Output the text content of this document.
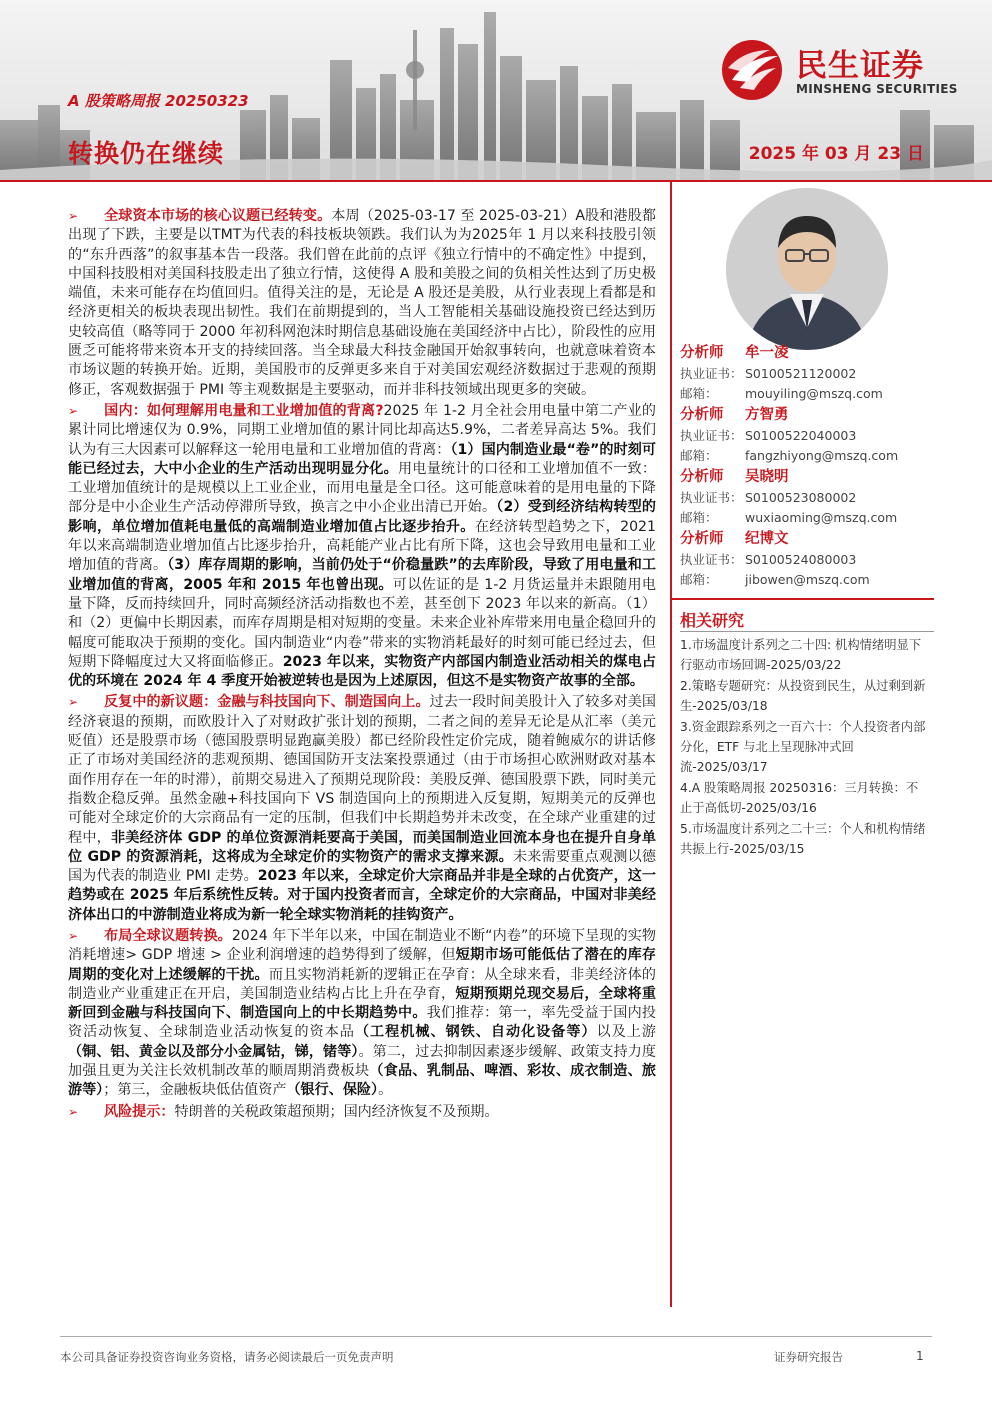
民生证券
MINSHENG SECURITIES
A 股策略周报 20250323
转换仍在继续	2025 年 03 月 23 日
➢ 全球资本市场的核心议题已经转变。本周（2025-03-17 至 2025-03-21）A股和港股都出现了下跌，主要是以TMT为代表的科技板块领跌。我们认为为2025年 1 月以来科技股引领的“东升西落”的叙事基本告一段落。我们曾在此前的点评《独立行情中的不确定性》中提到，中国科技股相对美国科技股走出了独立行情，这使得 A 股和美股之间的负相关性达到了历史极端值，未来可能存在均值回归。值得关注的是，无论是 A 股还是美股，从行业表现上看都是和经济更相关的板块表现出韧性。我们在前期提到的，当人工智能相关基础设施投资已经达到历史较高值（略等同于 2000 年初科网泡沫时期信息基础设施在美国经济中占比），阶段性的应用匮乏可能将带来资本开支的持续回落。当全球最大科技金融国开始叙事转向，也就意味着资本市场议题的转换开始。近期，美国股市的反弹更多来自于对美国宏观经济数据过于悲观的预期修正，客观数据强于 PMI 等主观数据是主要驱动，而并非科技领域出现更多的突破。
➢ 国内：如何理解用电量和工业增加值的背离?2025 年 1-2 月全社会用电量中第二产业的累计同比增速仅为 0.9%，同期工业增加值的累计同比却高达5.9%，二者差异高达 5%。我们认为有三大因素可以解释这一轮用电量和工业增加值的背离：（1）国内制造业最“卷”的时刻可能已经过去，大中小企业的生产活动出现明显分化。用电量统计的口径和工业增加值不一致：工业增加值统计的是规模以上工业企业，而用电量是全口径。这可能意味着的是用电量的下降部分是中小企业生产活动停滞所导致，换言之中小企业出清已开始。（2）受到经济结构转型的影响，单位增加值耗电量低的高端制造业增加值占比逐步抬升。在经济转型趋势之下，2021 年以来高端制造业增加值占比逐步抬升，高耗能产业占比有所下降，这也会导致用电量和工业增加值的背离。（3）库存周期的影响，当前仍处于“价稳量跌”的去库阶段，导致了用电量和工业增加值的背离，2005 年和 2015 年也曾出现。可以佐证的是 1-2 月货运量并未跟随用电量下降，反而持续回升，同时高频经济活动指数也不差，甚至创下 2023 年以来的新高。（1）和（2）更偏中长期因素，而库存周期是相对短期的变量。未来企业补库带来用电量企稳回升的幅度可能取决于预期的变化。国内制造业“内卷”带来的实物消耗最好的时刻可能已经过去，但短期下降幅度过大又将面临修正。2023 年以来，实物资产内部国内制造业活动相关的煤电占优的环境在 2024 年 4 季度开始被逆转也是因为上述原因，但这不是实物资产故事的全部。
➢ 反复中的新议题：金融与科技国向下、制造国向上。过去一段时间美股计入了较多对美国经济衰退的预期，而欧股计入了对财政扩张计划的预期，二者之间的差异无论是从汇率（美元贬值）还是股票市场（德国股票明显跑赢美股）都已经阶段性定价完成，随着鲍威尔的讲话修正了市场对美国经济的悲观预期、德国国防开支法案投票通过（由于市场担心欧洲财政对基本面作用存在一年的时滞），前期交易进入了预期兑现阶段：美股反弹、德国股票下跌，同时美元指数企稳反弹。虽然金融+科技国向下 VS 制造国向上的预期进入反复期，短期美元的反弹也可能对全球定价的大宗商品有一定的压制，但我们中长期趋势并未改变，在全球产业重建的过程中，非美经济体 GDP 的单位资源消耗要高于美国，而美国制造业回流本身也在提升自身单位 GDP 的资源消耗，这将成为全球定价的实物资产的需求支撑来源。未来需要重点观测以德国为代表的制造业 PMI 走势。2023 年以来，全球定价大宗商品并非是全球的占优资产，这一趋势或在 2025 年后系统性反转。对于国内投资者而言，全球定价的大宗商品，中国对非美经济体出口的中游制造业将成为新一轮全球实物消耗的挂钩资产。
➢ 布局全球议题转换。2024 年下半年以来，中国在制造业不断“内卷”的环境下呈现的实物消耗增速> GDP 增速 > 企业利润增速的趋势得到了缓解，但短期市场可能低估了潜在的库存周期的变化对上述缓解的干扰。而且实物消耗新的逻辑正在孕育：从全球来看，非美经济体的制造业产业重建正在开启，美国制造业结构占比上升在孕育，短期预期兑现交易后，全球将重新回到金融与科技国向下、制造国向上的中长期趋势中。我们推荐：第一，率先受益于国内投资活动恢复、全球制造业活动恢复的资本品（工程机械、钢铁、自动化设备等）以及上游（铜、铝、黄金以及部分小金属钴，锑，锗等）。第二，过去抑制因素逐步缓解、政策支持力度加强且更为关注长效机制改革的顺周期消费板块（食品、乳制品、啤酒、彩妆、成衣制造、旅游等）；第三，金融板块低估值资产（银行、保险）。
➢ 风险提示：特朗普的关税政策超预期；国内经济恢复不及预期。
分析师 牟一凌
执业证书： S0100521120002
邮箱： mouyiling@mszq.com
分析师 方智勇
执业证书： S0100522040003
邮箱： fangzhiyong@mszq.com
分析师 吴晓明
执业证书： S0100523080002
邮箱： wuxiaoming@mszq.com
分析师 纪博文
执业证书： S0100524080003
邮箱： jibowen@mszq.com
相关研究
1.市场温度计系列之二十四: 机构情绪明显下行驱动市场回调-2025/03/22
2.策略专题研究：从投资到民生，从过剩到新生-2025/03/18
3.资金跟踪系列之一百六十：个人投资者内部分化，ETF 与北上呈现脉冲式回流-2025/03/17
4.A 股策略周报 20250316：三月转换：不止于高低切-2025/03/16
5.市场温度计系列之二十三：个人和机构情绪共振上行-2025/03/15
本公司具备证券投资咨询业务资格，请务必阅读最后一页免责声明	证券研究报告	1
